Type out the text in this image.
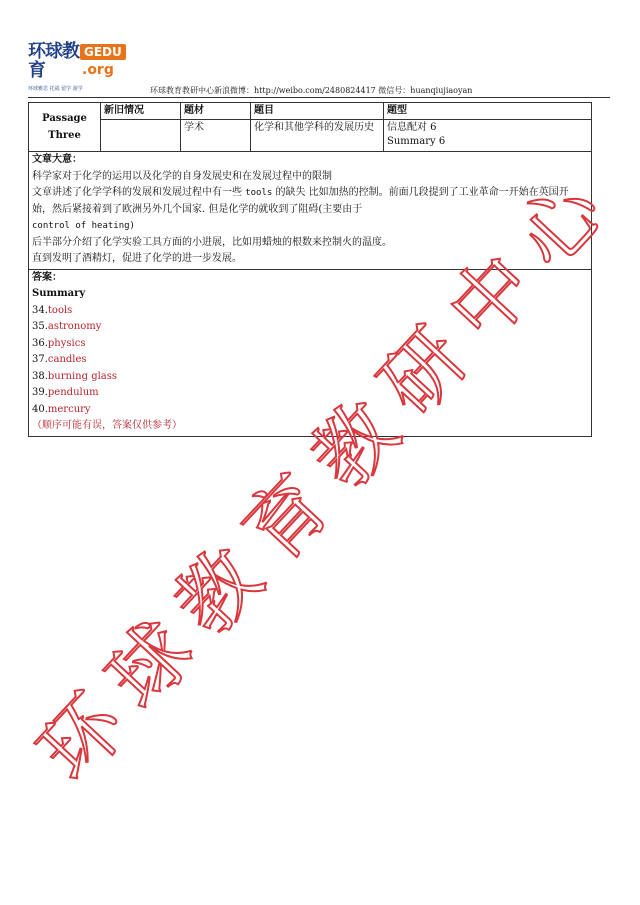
环球教育
GEDU
.org
环球雅思 托福 留学 游学	环球教育教研中心新浪微博：http://weibo.com/2480824417 微信号：huanqiujiaoyan
Passage Three	新旧情况	题材	题目	题型
		学术	化学和其他学科的发展历史	信息配对 6
Summary 6
文章大意：
科学家对于化学的运用以及化学的自身发展史和在发展过程中的限制
文章讲述了化学学科的发展和发展过程中有一些 tools 的缺失 比如加热的控制。前面几段提到了工业革命一开始在英国开始，然后紧接着到了欧洲另外几个国家. 但是化学的就收到了阻碍(主要由于
control of heating)
后半部分介绍了化学实验工具方面的小进展，比如用蜡烛的根数来控制火的温度。
直到发明了酒精灯，促进了化学的进一步发展。
答案：
Summary
34.tools
35.astronomy
36.physics
37.candles
38.burning glass
39.pendulum
40.mercury
（顺序可能有误，答案仅供参考）
环
球
教
育
教
研
中
心
